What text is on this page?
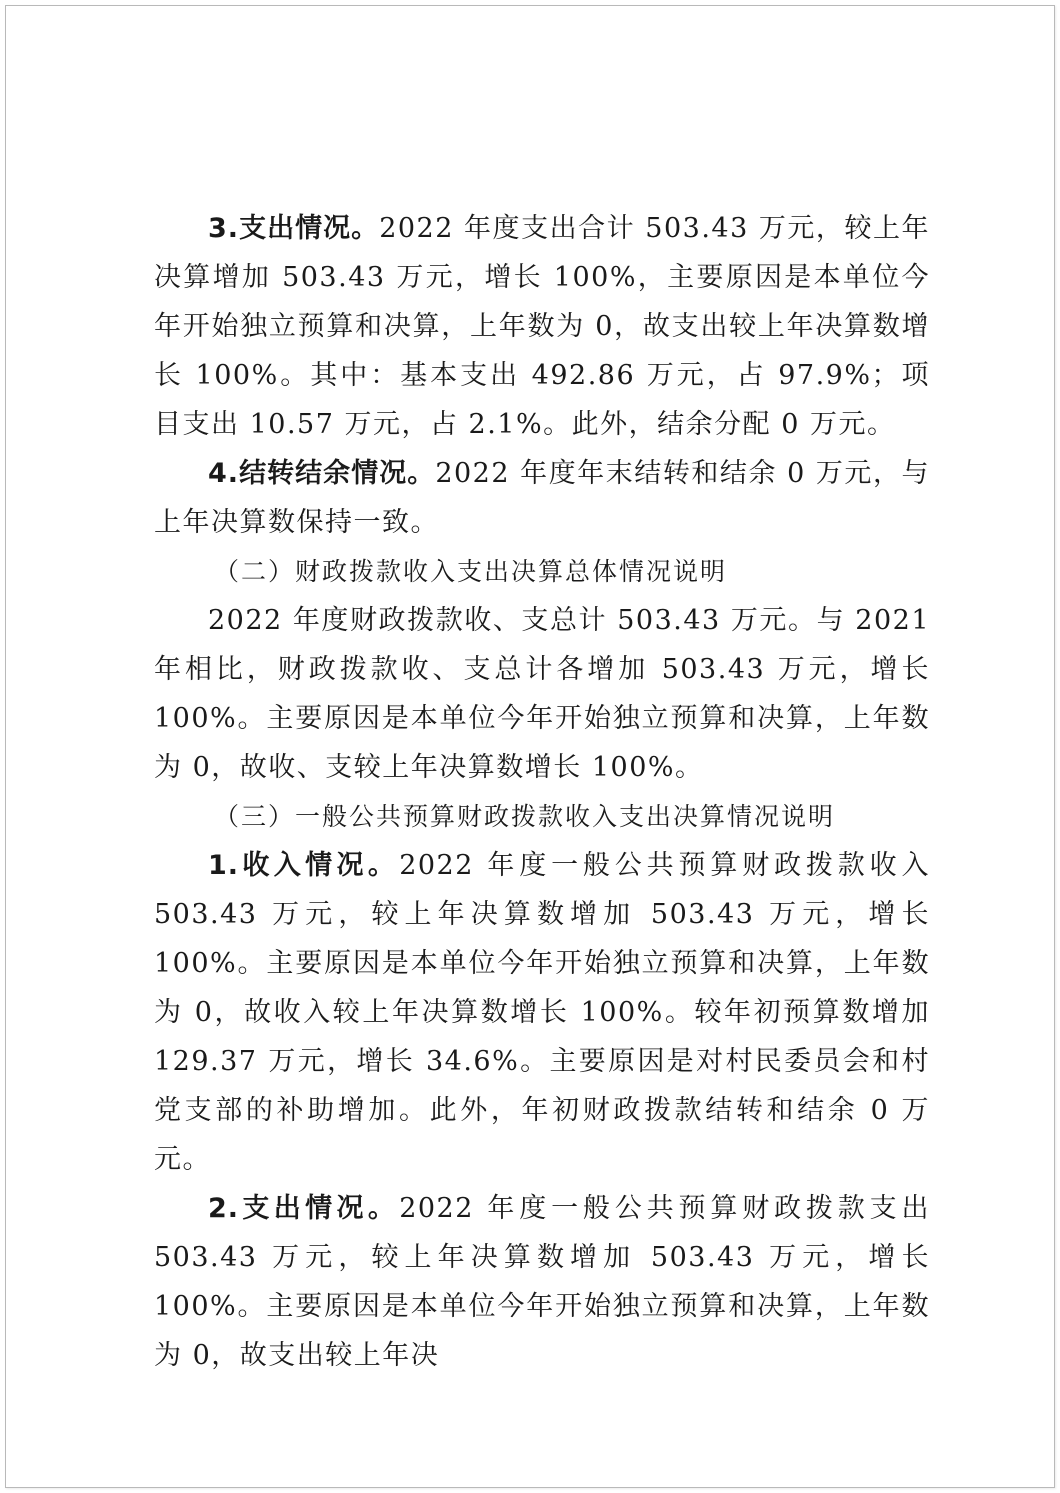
3.支出情况。2022 年度支出合计 503.43 万元，较上年决算增加 503.43 万元，增长 100%，主要原因是本单位今年开始独立预算和决算，上年数为 0，故支出较上年决算数增长 100%。其中：基本支出 492.86 万元，占 97.9%；项目支出 10.57 万元，占 2.1%。此外，结余分配 0 万元。

4.结转结余情况。2022 年度年末结转和结余 0 万元，与上年决算数保持一致。

（二）财政拨款收入支出决算总体情况说明

2022 年度财政拨款收、支总计 503.43 万元。与 2021 年相比，财政拨款收、支总计各增加 503.43 万元，增长 100%。主要原因是本单位今年开始独立预算和决算，上年数为 0，故收、支较上年决算数增长 100%。

（三）一般公共预算财政拨款收入支出决算情况说明

1.收入情况。2022 年度一般公共预算财政拨款收入 503.43 万元，较上年决算数增加 503.43 万元，增长 100%。主要原因是本单位今年开始独立预算和决算，上年数为 0，故收入较上年决算数增长 100%。较年初预算数增加 129.37 万元，增长 34.6%。主要原因是对村民委员会和村党支部的补助增加。此外，年初财政拨款结转和结余 0 万元。

2.支出情况。2022 年度一般公共预算财政拨款支出 503.43 万元，较上年决算数增加 503.43 万元，增长 100%。主要原因是本单位今年开始独立预算和决算，上年数为 0，故支出较上年决
